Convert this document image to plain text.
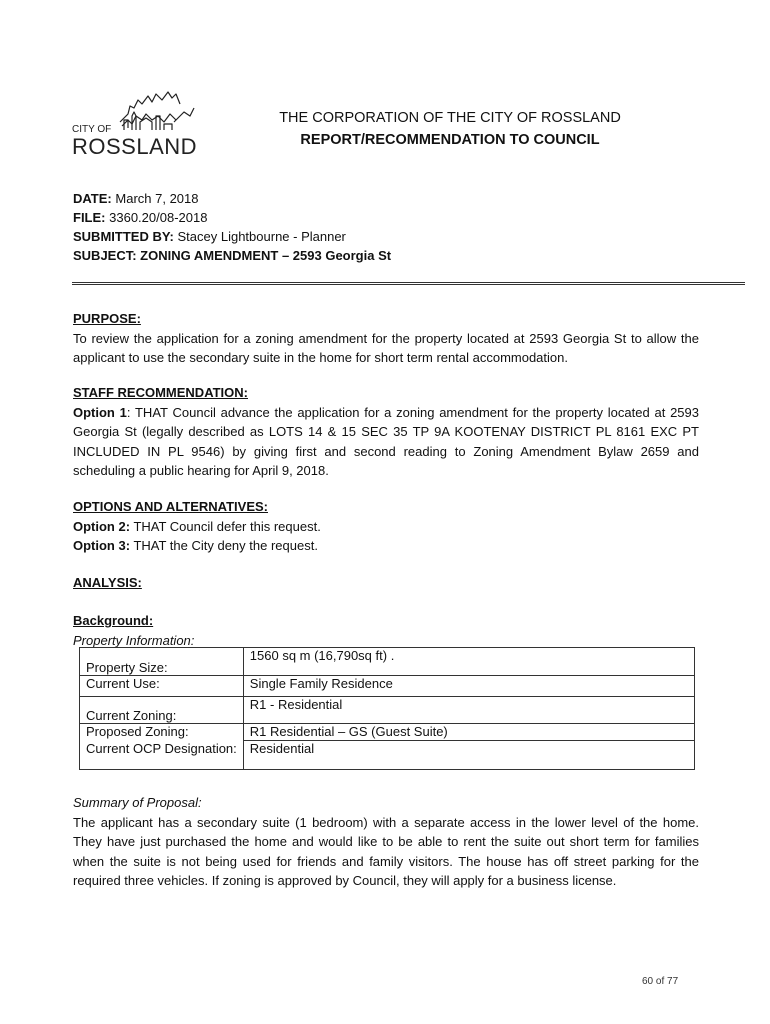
CITY OF
ROSSLAND
THE CORPORATION OF THE CITY OF ROSSLAND
REPORT/RECOMMENDATION TO COUNCIL
DATE: March 7, 2018
FILE: 3360.20/08-2018
SUBMITTED BY: Stacey Lightbourne - Planner
SUBJECT: ZONING AMENDMENT – 2593 Georgia St
PURPOSE:
To review the application for a zoning amendment for the property located at 2593 Georgia St to allow the applicant to use the secondary suite in the home for short term rental accommodation.
STAFF RECOMMENDATION:
Option 1: THAT Council advance the application for a zoning amendment for the property located at 2593 Georgia St (legally described as LOTS 14 & 15 SEC 35 TP 9A KOOTENAY DISTRICT PL 8161 EXC PT INCLUDED IN PL 9546) by giving first and second reading to Zoning Amendment Bylaw 2659 and scheduling a public hearing for April 9, 2018.
OPTIONS AND ALTERNATIVES:
Option 2: THAT Council defer this request.
Option 3: THAT the City deny the request.
ANALYSIS:
Background:
Property Information:
Property Size:	1560 sq m (16,790sq ft) .
Current Use:	Single Family Residence
Current Zoning:	R1 - Residential
Proposed Zoning:	R1 Residential – GS (Guest Suite)
Current OCP Designation:	Residential
Summary of Proposal:
The applicant has a secondary suite (1 bedroom) with a separate access in the lower level of the home. They have just purchased the home and would like to be able to rent the suite out short term for families when the suite is not being used for friends and family visitors. The house has off street parking for the required three vehicles. If zoning is approved by Council, they will apply for a business license.
60 of 77
